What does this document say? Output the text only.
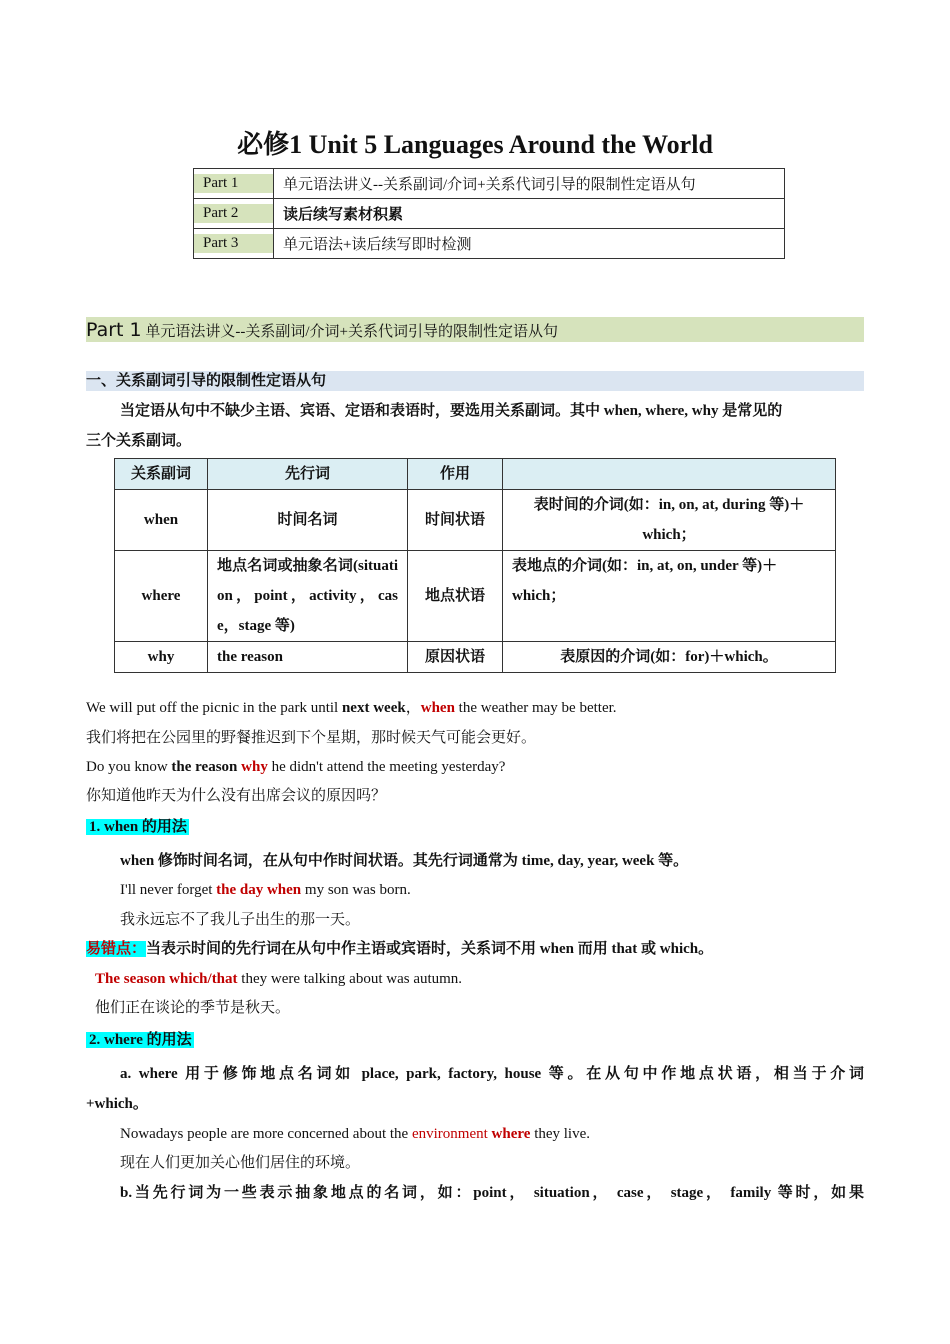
必修1 Unit 5 Languages Around the World
Part 1	单元语法讲义--关系副词/介词+关系代词引导的限制性定语从句
Part 2	读后续写素材积累
Part 3	单元语法+读后续写即时检测
Part 1 单元语法讲义--关系副词/介词+关系代词引导的限制性定语从句
一、关系副词引导的限制性定语从句
当定语从句中不缺少主语、宾语、定语和表语时，要选用关系副词。其中 when, where, why 是常见的
三个关系副词。
关系副词	先行词	作用	
when	时间名词	时间状语	表时间的介词(如：in, on, at, during 等)＋which；
where	地点名词或抽象名词(situation，point，activity，case，stage 等)	地点状语	表地点的介词(如：in, at, on, under 等)＋which；
why	the reason	原因状语	表原因的介词(如：for)＋which。
We will put off the picnic in the park until next week，when the weather may be better.
我们将把在公园里的野餐推迟到下个星期，那时候天气可能会更好。
Do you know the reason why he didn't attend the meeting yesterday?
你知道他昨天为什么没有出席会议的原因吗？
1. when 的用法
when 修饰时间名词，在从句中作时间状语。其先行词通常为 time, day, year, week 等。
I'll never forget the day when my son was born.
我永远忘不了我儿子出生的那一天。
易错点：当表示时间的先行词在从句中作主语或宾语时，关系词不用 when 而用 that 或 which。
The season which/that they were talking about was autumn.
他们正在谈论的季节是秋天。
2. where 的用法
a. where 用于修饰地点名词如 place, park, factory, house 等。在从句中作地点状语，相当于介词
+which。
Nowadays people are more concerned about the environment where they live.
现在人们更加关心他们居住的环境。
b.当先行词为一些表示抽象地点的名词，如：point， situation， case， stage， family 等时，如果
